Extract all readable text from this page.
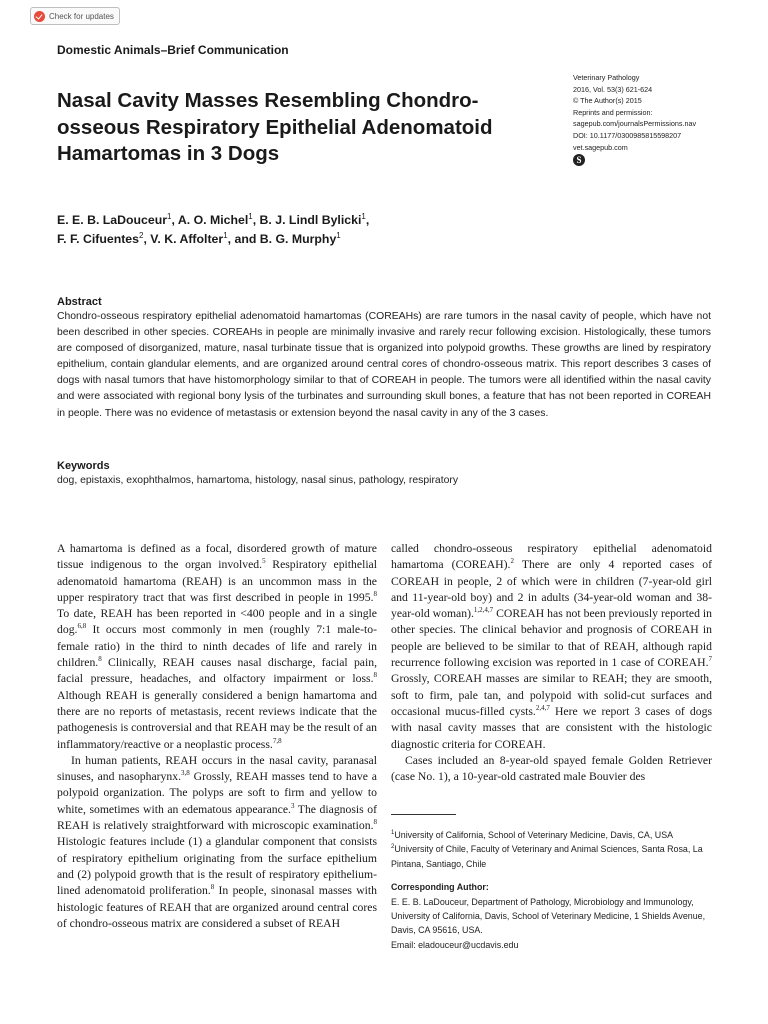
Check for updates
Domestic Animals–Brief Communication
Nasal Cavity Masses Resembling Chondro-osseous Respiratory Epithelial Adenomatoid Hamartomas in 3 Dogs
Veterinary Pathology
2016, Vol. 53(3) 621-624
© The Author(s) 2015
Reprints and permission:
sagepub.com/journalsPermissions.nav
DOI: 10.1177/0300985815598207
vet.sagepub.com
S
E. E. B. LaDouceur$^1$, A. O. Michel$^1$, B. J. Lindl Bylicki$^1$,
F. F. Cifuentes$^2$, V. K. Affolter$^1$, and B. G. Murphy$^1$
Abstract
Chondro-osseous respiratory epithelial adenomatoid hamartomas (COREAHs) are rare tumors in the nasal cavity of people, which have not been described in other species. COREAHs in people are minimally invasive and rarely recur following excision. Histologically, these tumors are composed of disorganized, mature, nasal turbinate tissue that is organized into polypoid growths. These growths are lined by respiratory epithelium, contain glandular elements, and are organized around central cores of chondro-osseous matrix. This report describes 3 cases of dogs with nasal tumors that have histomorphology similar to that of COREAH in people. The tumors were all identified within the nasal cavity and were associated with regional bony lysis of the turbinates and surrounding skull bones, a feature that has not been reported in COREAH in people. There was no evidence of metastasis or extension beyond the nasal cavity in any of the 3 cases.
Keywords
dog, epistaxis, exophthalmos, hamartoma, histology, nasal sinus, pathology, respiratory

A hamartoma is defined as a focal, disordered growth of mature tissue indigenous to the organ involved.$^5$ Respiratory epithelial adenomatoid hamartoma (REAH) is an uncommon mass in the upper respiratory tract that was first described in people in 1995.$^8$ To date, REAH has been reported in <400 people and in a single dog.$^{6,8}$ It occurs most commonly in men (roughly 7:1 male-to-female ratio) in the third to ninth decades of life and rarely in children.$^8$ Clinically, REAH causes nasal discharge, facial pain, facial pressure, headaches, and olfactory impairment or loss.$^8$ Although REAH is generally considered a benign hamartoma and there are no reports of metastasis, recent reviews indicate that the pathogenesis is controversial and that REAH may be the result of an inflammatory/reactive or a neoplastic process.$^{7,8}$

In human patients, REAH occurs in the nasal cavity, paranasal sinuses, and nasopharynx.$^{3,8}$ Grossly, REAH masses tend to have a polypoid organization. The polyps are soft to firm and yellow to white, sometimes with an edematous appearance.$^3$ The diagnosis of REAH is relatively straightforward with microscopic examination.$^8$ Histologic features include (1) a glandular component that consists of respiratory epithelium originating from the surface epithelium and (2) polypoid growth that is the result of respiratory epithelium-lined adenomatoid proliferation.$^8$ In people, sinonasal masses with histologic features of REAH that are organized around central cores of chondro-osseous matrix are considered a subset of REAH

called chondro-osseous respiratory epithelial adenomatoid hamartoma (COREAH).$^2$ There are only 4 reported cases of COREAH in people, 2 of which were in children (7-year-old girl and 11-year-old boy) and 2 in adults (34-year-old woman and 38-year-old woman).$^{1,2,4,7}$ COREAH has not been previously reported in other species. The clinical behavior and prognosis of COREAH in people are believed to be similar to that of REAH, although rapid recurrence following excision was reported in 1 case of COREAH.$^7$ Grossly, COREAH masses are similar to REAH; they are smooth, soft to firm, pale tan, and polypoid with solid-cut surfaces and occasional mucus-filled cysts.$^{2,4,7}$ Here we report 3 cases of dogs with nasal cavity masses that are consistent with the histologic diagnostic criteria for COREAH.

Cases included an 8-year-old spayed female Golden Retriever (case No. 1), a 10-year-old castrated male Bouvier des

$^1$University of California, School of Veterinary Medicine, Davis, CA, USA
$^2$University of Chile, Faculty of Veterinary and Animal Sciences, Santa Rosa, La Pintana, Santiago, Chile
Corresponding Author:
E. E. B. LaDouceur, Department of Pathology, Microbiology and Immunology, University of California, Davis, School of Veterinary Medicine, 1 Shields Avenue, Davis, CA 95616, USA.
Email: eladouceur@ucdavis.edu
